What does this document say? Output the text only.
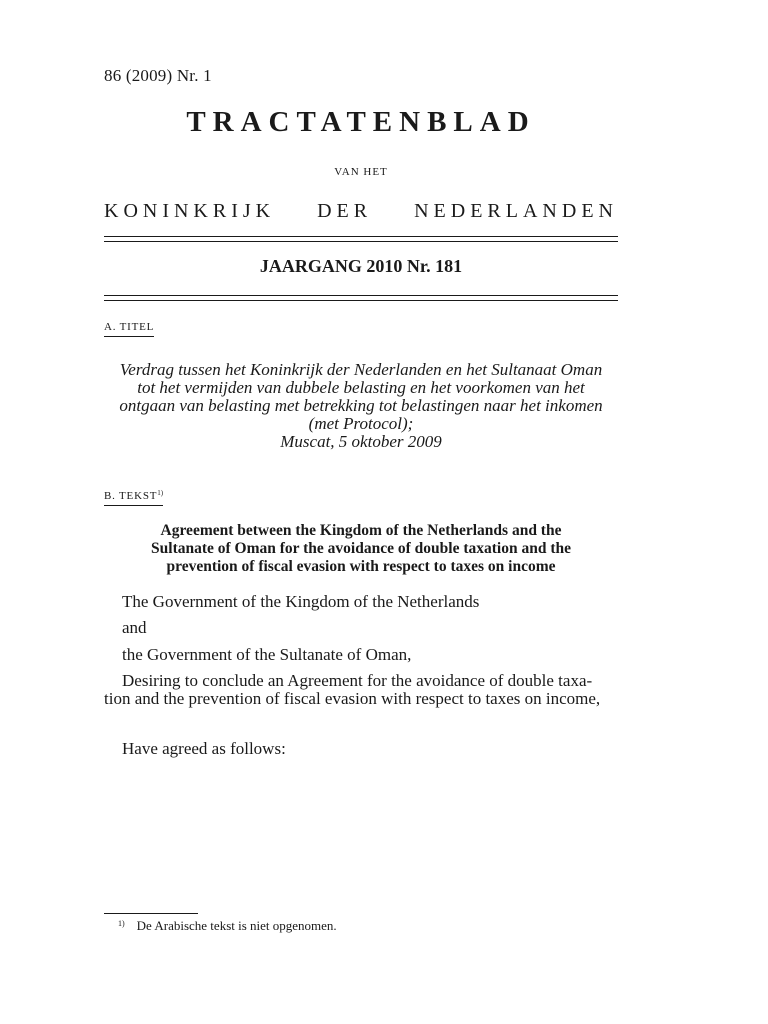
86 (2009) Nr. 1
TRACTATENBLAD
VAN HET
KONINKRIJK DER NEDERLANDEN
JAARGANG 2010 Nr. 181
A. TITEL
Verdrag tussen het Koninkrijk der Nederlanden en het Sultanaat Oman
tot het vermijden van dubbele belasting en het voorkomen van het
ontgaan van belasting met betrekking tot belastingen naar het inkomen
(met Protocol);
Muscat, 5 oktober 2009
B. TEKST$^{1)}$
Agreement between the Kingdom of the Netherlands and the
Sultanate of Oman for the avoidance of double taxation and the
prevention of fiscal evasion with respect to taxes on income
The Government of the Kingdom of the Netherlands
and
the Government of the Sultanate of Oman,
Desiring to conclude an Agreement for the avoidance of double taxa-
tion and the prevention of fiscal evasion with respect to taxes on income,
Have agreed as follows:
$^{1)}$ De Arabische tekst is niet opgenomen.
